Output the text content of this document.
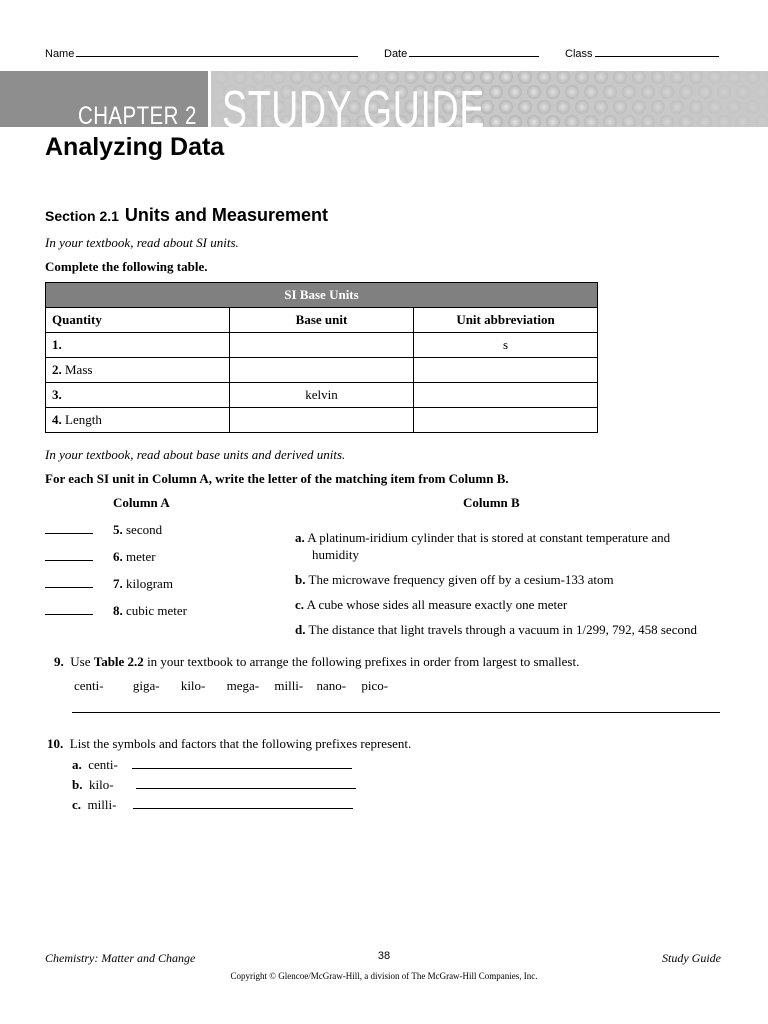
Name	Date	Class
CHAPTER 2 STUDY GUIDE
Analyzing Data
Section 2.1 Units and Measurement
In your textbook, read about SI units.
Complete the following table.
SI Base Units		
Quantity	Base unit	Unit abbreviation
1.		s
2. Mass		
3.	kelvin	
4. Length		
In your textbook, read about base units and derived units.
For each SI unit in Column A, write the letter of the matching item from Column B.
Column A	Column B
5. second
6. meter
7. kilogram
8. cubic meter
a. A platinum-iridium cylinder that is stored at constant temperature and
humidity
b. The microwave frequency given off by a cesium-133 atom
c. A cube whose sides all measure exactly one meter
d. The distance that light travels through a vacuum in 1/299, 792, 458 second
9. Use Table 2.2 in your textbook to arrange the following prefixes in order from largest to smallest.
centi- giga- kilo- mega- milli- nano- pico-
10. List the symbols and factors that the following prefixes represent.
a. centi-
b. kilo-
c. milli-
Chemistry: Matter and Change	38	Study Guide
Copyright © Glencoe/McGraw-Hill, a division of The McGraw-Hill Companies, Inc.
